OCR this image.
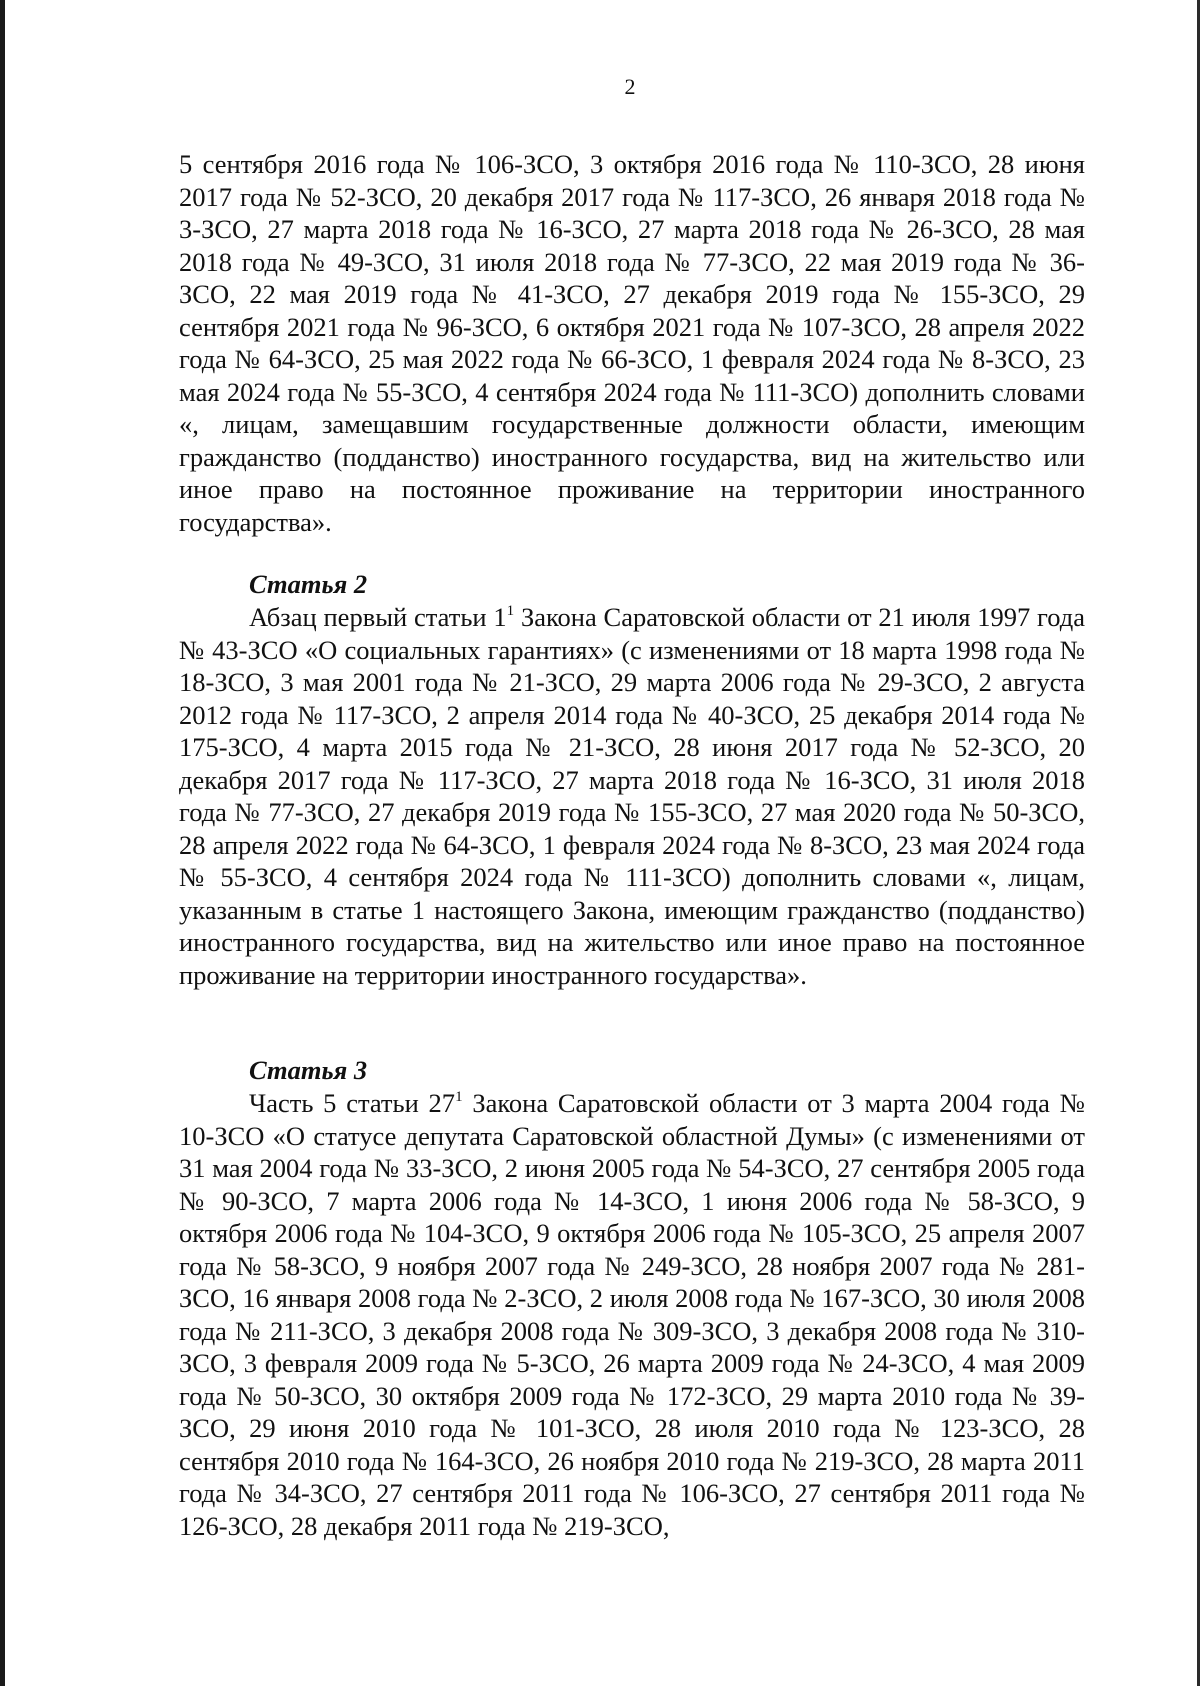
2

5 сентября 2016 года № 106-ЗСО, 3 октября 2016 года № 110-ЗСО, 28 июня 2017 года № 52-ЗСО, 20 декабря 2017 года № 117-ЗСО, 26 января 2018 года № 3-ЗСО, 27 марта 2018 года № 16-ЗСО, 27 марта 2018 года № 26-ЗСО, 28 мая 2018 года № 49-ЗСО, 31 июля 2018 года № 77-ЗСО, 22 мая 2019 года № 36-ЗСО, 22 мая 2019 года № 41-ЗСО, 27 декабря 2019 года № 155-ЗСО, 29 сентября 2021 года № 96-ЗСО, 6 октября 2021 года № 107-ЗСО, 28 апреля 2022 года № 64-ЗСО, 25 мая 2022 года № 66-ЗСО, 1 февраля 2024 года № 8-ЗСО, 23 мая 2024 года № 55-ЗСО, 4 сентября 2024 года № 111-ЗСО) дополнить словами «, лицам, замещавшим государственные должности области, имеющим гражданство (подданство) иностранного государства, вид на жительство или иное право на постоянное проживание на территории иностранного государства».

Статья 2

Абзац первый статьи 1$^1$ Закона Саратовской области от 21 июля 1997 года № 43-ЗСО «О социальных гарантиях» (с изменениями от 18 марта 1998 года № 18-ЗСО, 3 мая 2001 года № 21-ЗСО, 29 марта 2006 года № 29-ЗСО, 2 августа 2012 года № 117-ЗСО, 2 апреля 2014 года № 40-ЗСО, 25 декабря 2014 года № 175-ЗСО, 4 марта 2015 года № 21-ЗСО, 28 июня 2017 года № 52-ЗСО, 20 декабря 2017 года № 117-ЗСО, 27 марта 2018 года № 16-ЗСО, 31 июля 2018 года № 77-ЗСО, 27 декабря 2019 года № 155-ЗСО, 27 мая 2020 года № 50-ЗСО, 28 апреля 2022 года № 64-ЗСО, 1 февраля 2024 года № 8-ЗСО, 23 мая 2024 года № 55-ЗСО, 4 сентября 2024 года № 111-ЗСО) дополнить словами «, лицам, указанным в статье 1 настоящего Закона, имеющим гражданство (подданство) иностранного государства, вид на жительство или иное право на постоянное проживание на территории иностранного государства».

Статья 3

Часть 5 статьи 27$^1$ Закона Саратовской области от 3 марта 2004 года № 10-ЗСО «О статусе депутата Саратовской областной Думы» (с изменениями от 31 мая 2004 года № 33-ЗСО, 2 июня 2005 года № 54-ЗСО, 27 сентября 2005 года № 90-ЗСО, 7 марта 2006 года № 14-ЗСО, 1 июня 2006 года № 58-ЗСО, 9 октября 2006 года № 104-ЗСО, 9 октября 2006 года № 105-ЗСО, 25 апреля 2007 года № 58-ЗСО, 9 ноября 2007 года № 249-ЗСО, 28 ноября 2007 года № 281-ЗСО, 16 января 2008 года № 2-ЗСО, 2 июля 2008 года № 167-ЗСО, 30 июля 2008 года № 211-ЗСО, 3 декабря 2008 года № 309-ЗСО, 3 декабря 2008 года № 310-ЗСО, 3 февраля 2009 года № 5-ЗСО, 26 марта 2009 года № 24-ЗСО, 4 мая 2009 года № 50-ЗСО, 30 октября 2009 года № 172-ЗСО, 29 марта 2010 года № 39-ЗСО, 29 июня 2010 года № 101-ЗСО, 28 июля 2010 года № 123-ЗСО, 28 сентября 2010 года № 164-ЗСО, 26 ноября 2010 года № 219-ЗСО, 28 марта 2011 года № 34-ЗСО, 27 сентября 2011 года № 106-ЗСО, 27 сентября 2011 года № 126-ЗСО, 28 декабря 2011 года № 219-ЗСО,
